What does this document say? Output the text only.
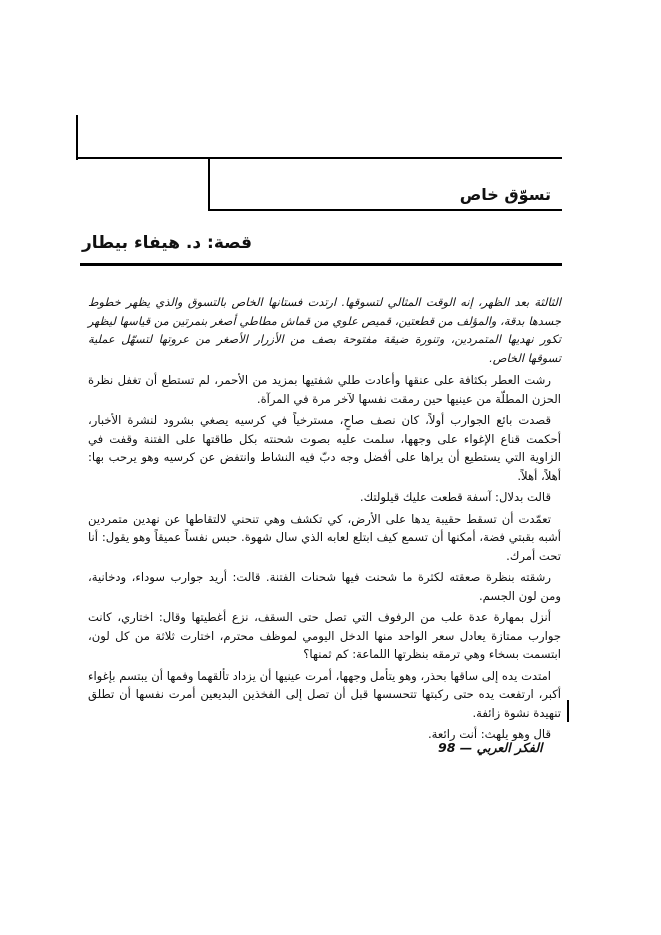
تسوّق خاص
قصة: د. هيفاء بيطار

الثالثة بعد الظهر، إنه الوقت المثالي لتسوقها. ارتدت فستانها الخاص بالتسوق والذي يظهر خطوط جسدها بدقة، والمؤلف من قطعتين، قميص علوي من قماش مطاطي أصغر بنمرتين من قياسها ليظهر تكور نهديها المتمردين، وتنورة ضيقة مفتوحة بصف من الأزرار الأصغر من عروتها لتسهّل عملية تسوقها الخاص.

رشت العطر بكثافة على عنقها وأعادت طلي شفتيها بمزيد من الأحمر، لم تستطع أن تغفل نظرة الحزن المطلّة من عينيها حين رمقت نفسها لآخر مرة في المرآة.

قصدت بائع الجوارب أولاً، كان نصف صاحٍ، مسترخياً في كرسيه يصغي بشرود لنشرة الأخبار، أحكمت قناع الإغواء على وجهها، سلمت عليه بصوت شحنته بكل طاقتها على الفتنة وقفت في الزاوية التي يستطيع أن يراها على أفضل وجه دبّ فيه النشاط وانتفض عن كرسيه وهو يرحب بها: أهلاً، أهلاً.

قالت بدلال: آسفة قطعت عليك قيلولتك.

تعمّدت أن تسقط حقيبة يدها على الأرض، كي تكشف وهي تنحني لالتقاطها عن نهدين متمردين أشبه بقبتي فضة، أمكنها أن تسمع كيف ابتلع لعابه الذي سال شهوة. حبس نفساً عميقاً وهو يقول: أنا تحت أمرك.

رشقته بنظرة صعقته لكثرة ما شحنت فيها شحنات الفتنة. قالت: أريد جوارب سوداء، ودخانية، ومن لون الجسم.

أنزل بمهارة عدة علب من الرفوف التي تصل حتى السقف، نزع أغطيتها وقال: اختاري، كانت جوارب ممتازة يعادل سعر الواحد منها الدخل اليومي لموظف محترم، اختارت ثلاثة من كل لون، ابتسمت بسخاء وهي ترمقه بنظرتها اللماعة: كم ثمنها؟

امتدت يده إلى ساقها بحذر، وهو يتأمل وجهها، أمرت عينيها أن يزداد تألقهما وفمها أن يبتسم بإغواء أكبر، ارتفعت يده حتى ركبتها تتحسسها قبل أن تصل إلى الفخذين البديعين أمرت نفسها أن تطلق تنهيدة نشوة زائفة.

قال وهو يلهث: أنت رائعة.

98 — الفكر العربي
